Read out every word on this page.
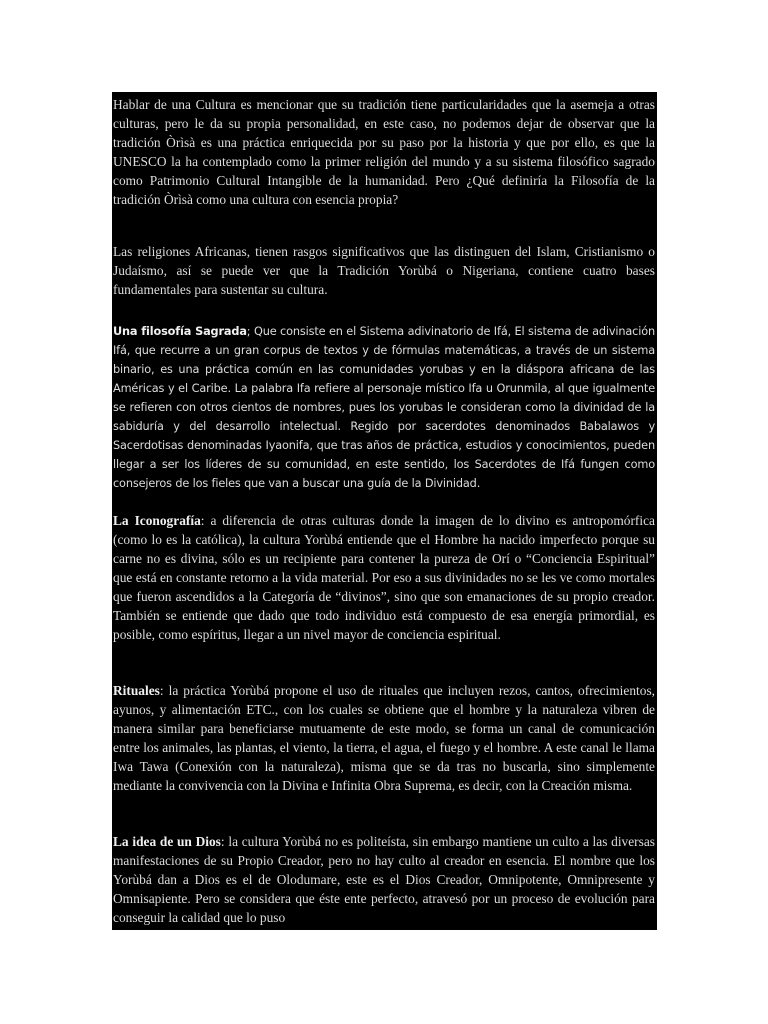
Hablar de una Cultura es mencionar que su tradición tiene particularidades que la asemeja a otras culturas, pero le da su propia personalidad, en este caso, no podemos dejar de observar que la tradición Òrìsà es una práctica enriquecida por su paso por la historia y que por ello, es que la UNESCO la ha contemplado como la primer religión del mundo y a su sistema filosófico sagrado como Patrimonio Cultural Intangible de la humanidad. Pero ¿Qué definiría la Filosofía de la tradición Òrìsà como una cultura con esencia propia?

Las religiones Africanas, tienen rasgos significativos que las distinguen del Islam, Cristianismo o Judaísmo, así se puede ver que la Tradición Yorùbá o Nigeriana, contiene cuatro bases fundamentales para sustentar su cultura.

Una filosofía Sagrada; Que consiste en el Sistema adivinatorio de Ifá, El sistema de adivinación Ifá, que recurre a un gran corpus de textos y de fórmulas matemáticas, a través de un sistema binario, es una práctica común en las comunidades yorubas y en la diáspora africana de las Américas y el Caribe. La palabra Ifa refiere al personaje místico Ifa u Orunmila, al que igualmente se refieren con otros cientos de nombres, pues los yorubas le consideran como la divinidad de la sabiduría y del desarrollo intelectual. Regido por sacerdotes denominados Babalawos y Sacerdotisas denominadas Iyaonifa, que tras años de práctica, estudios y conocimientos, pueden llegar a ser los líderes de su comunidad, en este sentido, los Sacerdotes de Ifá fungen como consejeros de los fieles que van a buscar una guía de la Divinidad.

La Iconografía: a diferencia de otras culturas donde la imagen de lo divino es antropomórfica (como lo es la católica), la cultura Yorùbá entiende que el Hombre ha nacido imperfecto porque su carne no es divina, sólo es un recipiente para contener la pureza de Orí o “Conciencia Espiritual” que está en constante retorno a la vida material. Por eso a sus divinidades no se les ve como mortales que fueron ascendidos a la Categoría de “divinos”, sino que son emanaciones de su propio creador. También se entiende que dado que todo individuo está compuesto de esa energía primordial, es posible, como espíritus, llegar a un nivel mayor de conciencia espiritual.

Rituales: la práctica Yorùbá propone el uso de rituales que incluyen rezos, cantos, ofrecimientos, ayunos, y alimentación ETC., con los cuales se obtiene que el hombre y la naturaleza vibren de manera similar para beneficiarse mutuamente de este modo, se forma un canal de comunicación entre los animales, las plantas, el viento, la tierra, el agua, el fuego y el hombre. A este canal le llama Iwa Tawa (Conexión con la naturaleza), misma que se da tras no buscarla, sino simplemente mediante la convivencia con la Divina e Infinita Obra Suprema, es decir, con la Creación misma.

La idea de un Dios: la cultura Yorùbá no es politeísta, sin embargo mantiene un culto a las diversas manifestaciones de su Propio Creador, pero no hay culto al creador en esencia. El nombre que los Yorùbá dan a Dios es el de Olodumare, este es el Dios Creador, Omnipotente, Omnipresente y Omnisapiente. Pero se considera que éste ente perfecto, atravesó por un proceso de evolución para conseguir la calidad que lo puso
